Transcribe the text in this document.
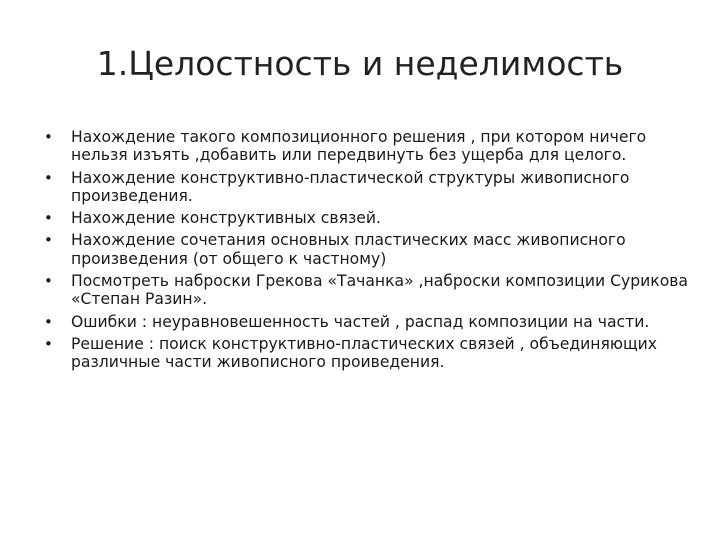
1.Целостность и неделимость
• Нахождение такого композиционного решения , при котором ничего нельзя изъять ,добавить или передвинуть без ущерба для целого.
• Нахождение конструктивно-пластической структуры живописного произведения.
• Нахождение конструктивных связей.
• Нахождение сочетания основных пластических масс живописного произведения (от общего к частному)
• Посмотреть наброски Грекова «Тачанка» ,наброски композиции Сурикова «Степан Разин».
• Ошибки : неуравновешенность частей , распад композиции на части.
• Решение : поиск конструктивно-пластических связей , объединяющих различные части живописного проиведения.
